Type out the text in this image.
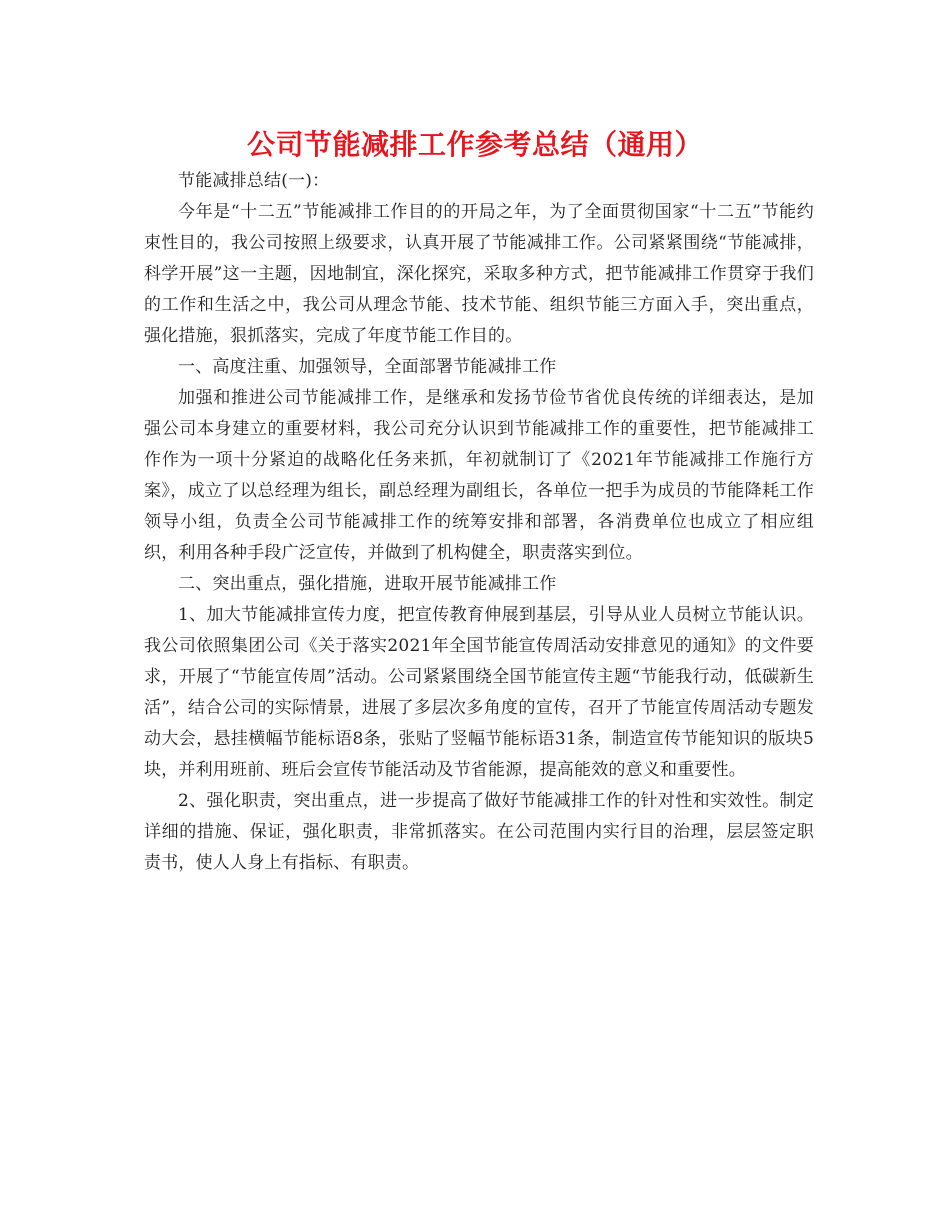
公司节能减排工作参考总结（通用）

节能减排总结(一)：

今年是“十二五”节能减排工作目的的开局之年，为了全面贯彻国家“十二五”节能约束性目的，我公司按照上级要求，认真开展了节能减排工作。公司紧紧围绕“节能减排，科学开展”这一主题，因地制宜，深化探究，采取多种方式，把节能减排工作贯穿于我们的工作和生活之中，我公司从理念节能、技术节能、组织节能三方面入手，突出重点，强化措施，狠抓落实，完成了年度节能工作目的。

一、高度注重、加强领导，全面部署节能减排工作

加强和推进公司节能减排工作，是继承和发扬节俭节省优良传统的详细表达，是加强公司本身建立的重要材料，我公司充分认识到节能减排工作的重要性，把节能减排工作作为一项十分紧迫的战略化任务来抓，年初就制订了《2021年节能减排工作施行方案》，成立了以总经理为组长，副总经理为副组长，各单位一把手为成员的节能降耗工作领导小组，负责全公司节能减排工作的统筹安排和部署，各消费单位也成立了相应组织，利用各种手段广泛宣传，并做到了机构健全，职责落实到位。

二、突出重点，强化措施，进取开展节能减排工作

1、加大节能减排宣传力度，把宣传教育伸展到基层，引导从业人员树立节能认识。我公司依照集团公司《关于落实2021年全国节能宣传周活动安排意见的通知》的文件要求，开展了“节能宣传周”活动。公司紧紧围绕全国节能宣传主题“节能我行动，低碳新生活”，结合公司的实际情景，进展了多层次多角度的宣传，召开了节能宣传周活动专题发动大会，悬挂横幅节能标语8条，张贴了竖幅节能标语31条，制造宣传节能知识的版块5块，并利用班前、班后会宣传节能活动及节省能源，提高能效的意义和重要性。

2、强化职责，突出重点，进一步提高了做好节能减排工作的针对性和实效性。制定详细的措施、保证，强化职责，非常抓落实。在公司范围内实行目的治理，层层签定职责书，使人人身上有指标、有职责。
